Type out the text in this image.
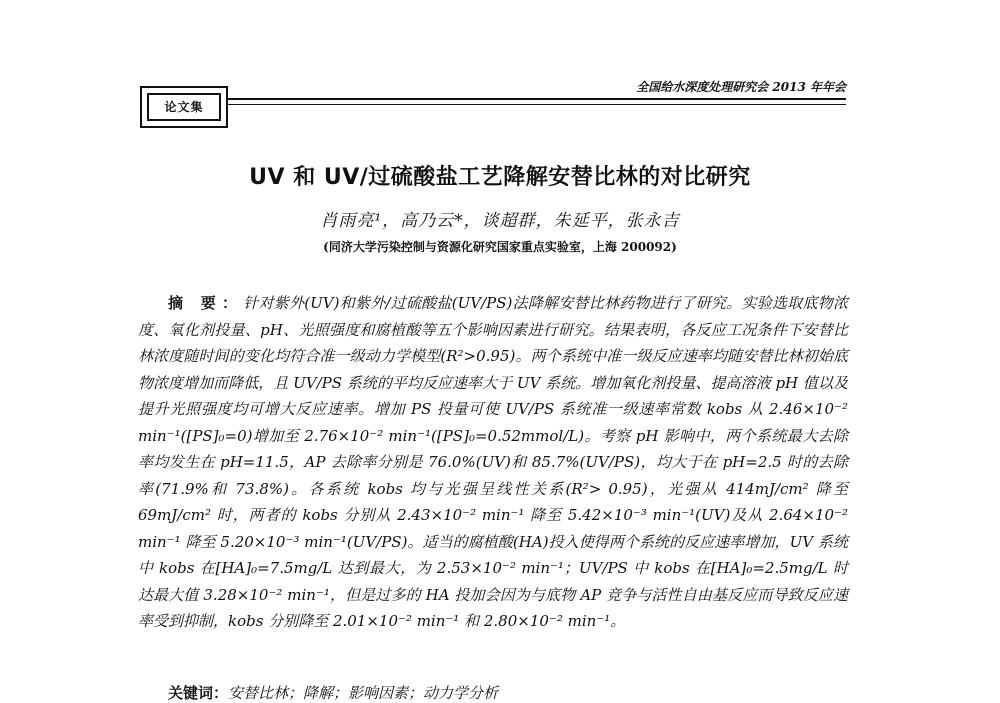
论文集
全国给水深度处理研究会 2013 年年会
UV 和 UV/过硫酸盐工艺降解安替比林的对比研究
肖雨亮¹，高乃云*，谈超群，朱延平，张永吉
(同济大学污染控制与资源化研究国家重点实验室，上海 200092)
摘 要：针对紫外(UV)和紫外/过硫酸盐(UV/PS)法降解安替比林药物进行了研究。实验选取底物浓度、氧化剂投量、pH、光照强度和腐植酸等五个影响因素进行研究。结果表明，各反应工况条件下安替比林浓度随时间的变化均符合准一级动力学模型(R²>0.95)。两个系统中准一级反应速率均随安替比林初始底物浓度增加而降低，且 UV/PS 系统的平均反应速率大于 UV 系统。增加氧化剂投量、提高溶液 pH 值以及提升光照强度均可增大反应速率。增加 PS 投量可使 UV/PS 系统准一级速率常数 kobs 从 2.46×10⁻² min⁻¹([PS]₀=0)增加至 2.76×10⁻² min⁻¹([PS]₀=0.52mmol/L)。考察 pH 影响中，两个系统最大去除率均发生在 pH=11.5，AP 去除率分别是 76.0%(UV)和 85.7%(UV/PS)，均大于在 pH=2.5 时的去除率(71.9%和 73.8%)。各系统 kobs 均与光强呈线性关系(R²> 0.95)，光强从 414mJ/cm² 降至 69mJ/cm² 时，两者的 kobs 分别从 2.43×10⁻² min⁻¹ 降至 5.42×10⁻³ min⁻¹(UV)及从 2.64×10⁻² min⁻¹ 降至 5.20×10⁻³ min⁻¹(UV/PS)。适当的腐植酸(HA)投入使得两个系统的反应速率增加，UV 系统中 kobs 在[HA]₀=7.5mg/L 达到最大，为 2.53×10⁻² min⁻¹；UV/PS 中 kobs 在[HA]₀=2.5mg/L 时达最大值 3.28×10⁻² min⁻¹，但是过多的 HA 投加会因为与底物 AP 竞争与活性自由基反应而导致反应速率受到抑制，kobs 分别降至 2.01×10⁻² min⁻¹ 和 2.80×10⁻² min⁻¹。
关键词：安替比林；降解；影响因素；动力学分析
